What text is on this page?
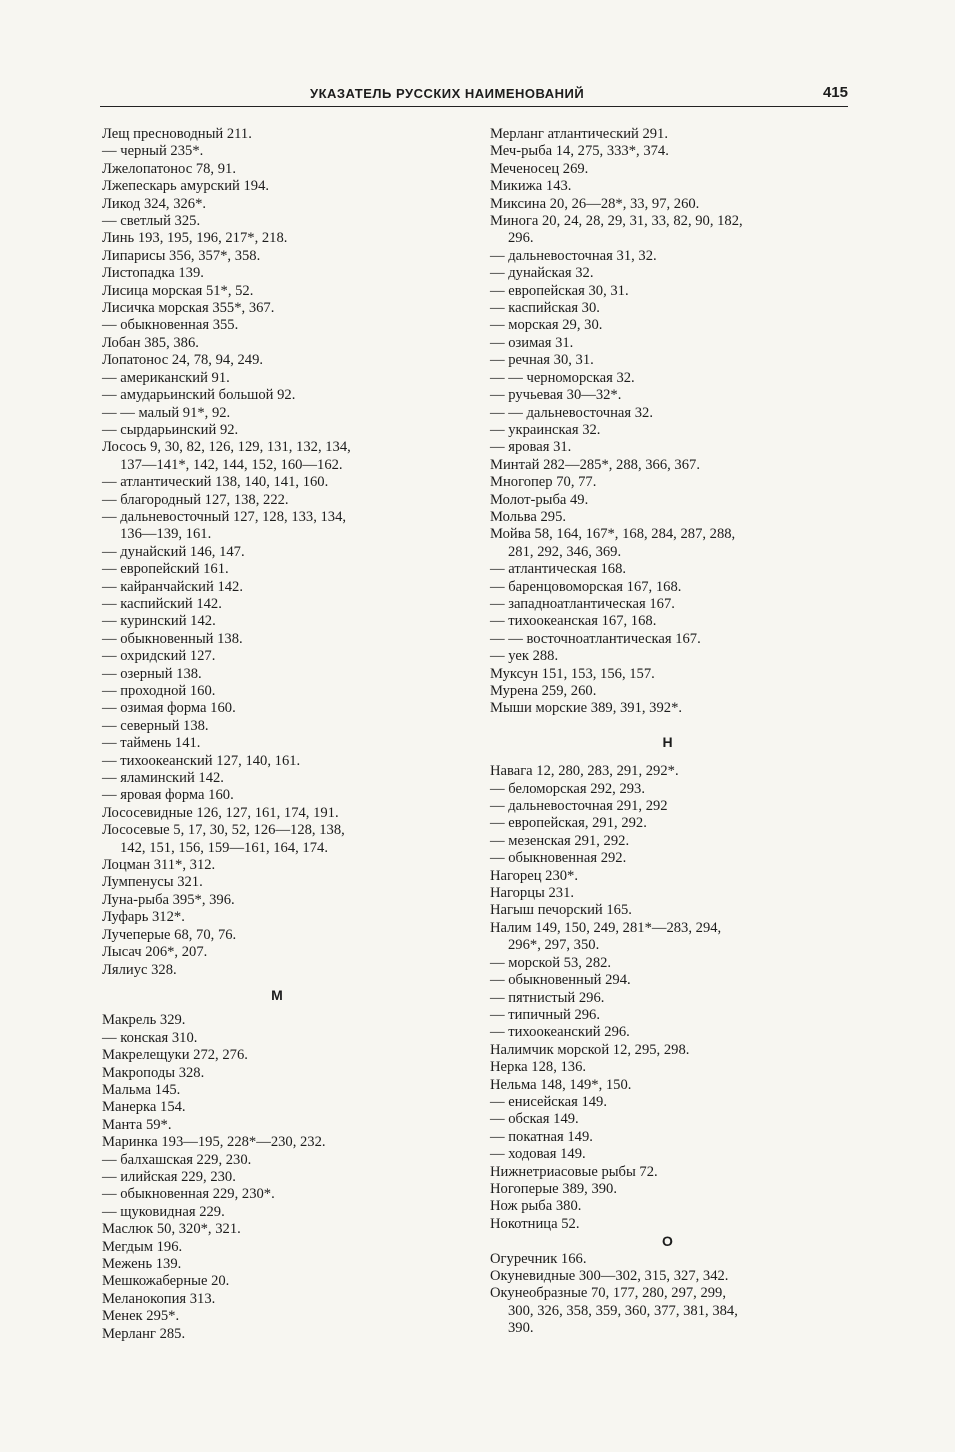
УКАЗАТЕЛЬ РУССКИХ НАИМЕНОВАНИЙ	415
Лещ пресноводный 211.
— черный 235*.
Лжелопатонос 78, 91.
Лжепескарь амурский 194.
Ликод 324, 326*.
— светлый 325.
Линь 193, 195, 196, 217*, 218.
Липарисы 356, 357*, 358.
Листопадка 139.
Лисица морская 51*, 52.
Лисичка морская 355*, 367.
— обыкновенная 355.
Лобан 385, 386.
Лопатонос 24, 78, 94, 249.
— американский 91.
— амударьинский большой 92.
— — малый 91*, 92.
— сырдарьинский 92.
Лосось 9, 30, 82, 126, 129, 131, 132, 134,
137—141*, 142, 144, 152, 160—162.
— атлантический 138, 140, 141, 160.
— благородный 127, 138, 222.
— дальневосточный 127, 128, 133, 134,
136—139, 161.
— дунайский 146, 147.
— европейский 161.
— кайранчайский 142.
— каспийский 142.
— куринский 142.
— обыкновенный 138.
— охридский 127.
— озерный 138.
— проходной 160.
— озимая форма 160.
— северный 138.
— таймень 141.
— тихоокеанский 127, 140, 161.
— яламинский 142.
— яровая форма 160.
Лососевидные 126, 127, 161, 174, 191.
Лососевые 5, 17, 30, 52, 126—128, 138,
142, 151, 156, 159—161, 164, 174.
Лоцман 311*, 312.
Лумпенусы 321.
Луна-рыба 395*, 396.
Луфарь 312*.
Лучеперые 68, 70, 76.
Лысач 206*, 207.
Лялиус 328.
М
Макрель 329.
— конская 310.
Макрелещуки 272, 276.
Макроподы 328.
Мальма 145.
Манерка 154.
Манта 59*.
Маринка 193—195, 228*—230, 232.
— балхашская 229, 230.
— илийская 229, 230.
— обыкновенная 229, 230*.
— щуковидная 229.
Маслюк 50, 320*, 321.
Мегдым 196.
Межень 139.
Мешкожаберные 20.
Меланокопия 313.
Менек 295*.
Мерланг 285.
Мерланг атлантический 291.
Меч-рыба 14, 275, 333*, 374.
Меченосец 269.
Микижа 143.
Миксина 20, 26—28*, 33, 97, 260.
Минога 20, 24, 28, 29, 31, 33, 82, 90, 182,
296.
— дальневосточная 31, 32.
— дунайская 32.
— европейская 30, 31.
— каспийская 30.
— морская 29, 30.
— озимая 31.
— речная 30, 31.
— — черноморская 32.
— ручьевая 30—32*.
— — дальневосточная 32.
— украинская 32.
— яровая 31.
Минтай 282—285*, 288, 366, 367.
Многопер 70, 77.
Молот-рыба 49.
Мольва 295.
Мойва 58, 164, 167*, 168, 284, 287, 288,
281, 292, 346, 369.
— атлантическая 168.
— баренцовоморская 167, 168.
— западноатлантическая 167.
— тихоокеанская 167, 168.
— — восточноатлантическая 167.
— уек 288.
Муксун 151, 153, 156, 157.
Мурена 259, 260.
Мыши морские 389, 391, 392*.
Н
Навага 12, 280, 283, 291, 292*.
— беломорская 292, 293.
— дальневосточная 291, 292
— европейская, 291, 292.
— мезенская 291, 292.
— обыкновенная 292.
Нагорец 230*.
Нагорцы 231.
Нагыш печорский 165.
Налим 149, 150, 249, 281*—283, 294,
296*, 297, 350.
— морской 53, 282.
— обыкновенный 294.
— пятнистый 296.
— типичный 296.
— тихоокеанский 296.
Налимчик морской 12, 295, 298.
Нерка 128, 136.
Нельма 148, 149*, 150.
— енисейская 149.
— обская 149.
— покатная 149.
— ходовая 149.
Нижнетриасовые рыбы 72.
Ногоперые 389, 390.
Нож рыба 380.
Нокотница 52.
О
Огуречник 166.
Окуневидные 300—302, 315, 327, 342.
Окунеобразные 70, 177, 280, 297, 299,
300, 326, 358, 359, 360, 377, 381, 384,
390.
